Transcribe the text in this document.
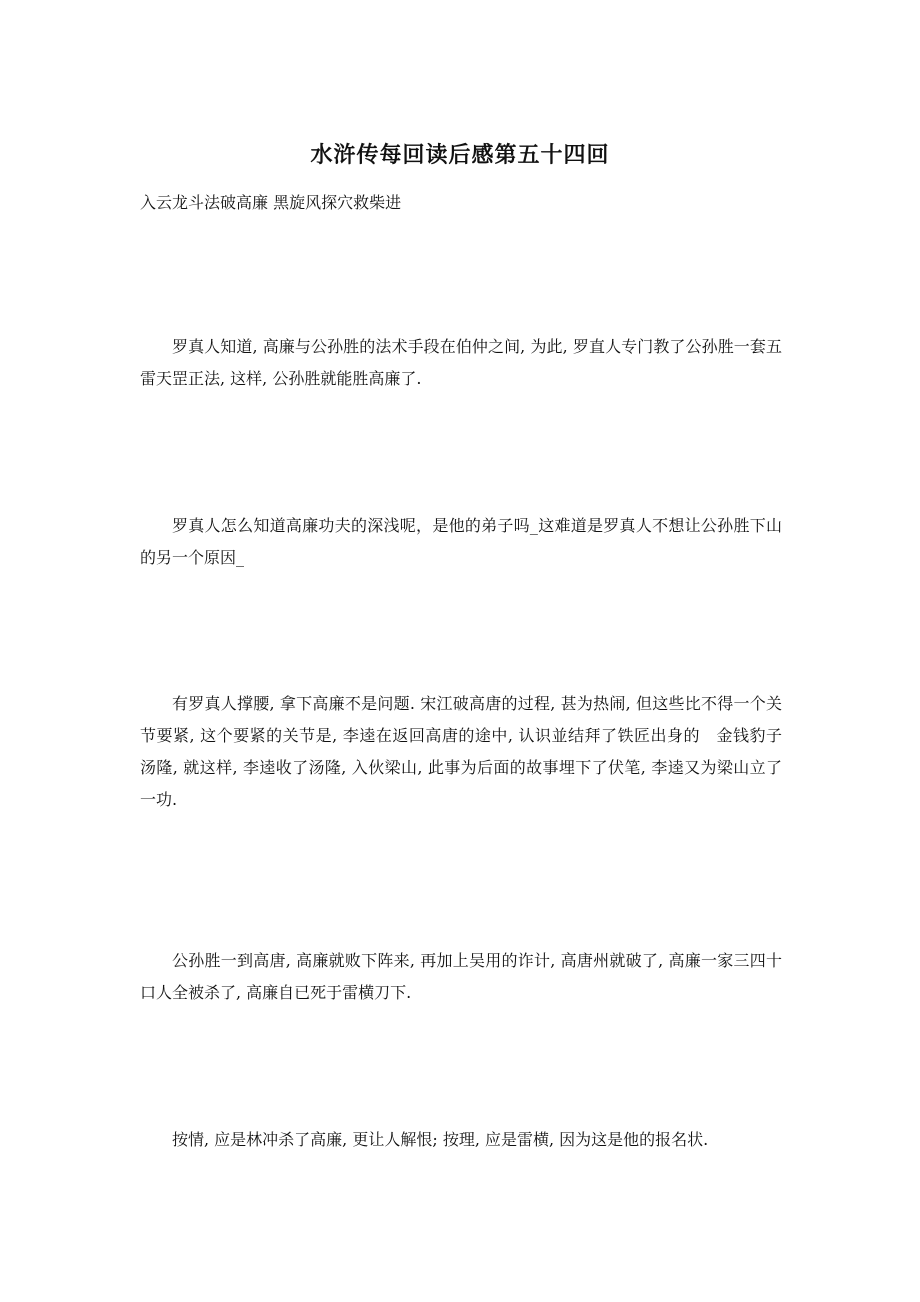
水浒传每回读后感第五十四回
入云龙斗法破高廉 黑旋风探穴救柴进

罗真人知道, 高廉与公孙胜的法术手段在伯仲之间, 为此, 罗直人专门教了公孙胜一套五雷天罡正法, 这样, 公孙胜就能胜高廉了.

罗真人怎么知道高廉功夫的深浅呢，是他的弟子吗_这难道是罗真人不想让公孙胜下山的另一个原因_

有罗真人撑腰, 拿下高廉不是问题. 宋江破高唐的过程, 甚为热闹, 但这些比不得一个关节要紧, 这个要紧的关节是, 李逵在返回高唐的途中, 认识並结拜了铁匠出身的　金钱豹子　汤隆, 就这样, 李逵收了汤隆, 入伙梁山, 此事为后面的故事埋下了伏笔, 李逵又为梁山立了一功.

公孙胜一到高唐, 高廉就败下阵来, 再加上吴用的诈计, 高唐州就破了, 高廉一家三四十口人全被杀了, 高廉自已死于雷横刀下.

按情, 应是林冲杀了高廉, 更让人解恨; 按理, 应是雷横, 因为这是他的报名状.
